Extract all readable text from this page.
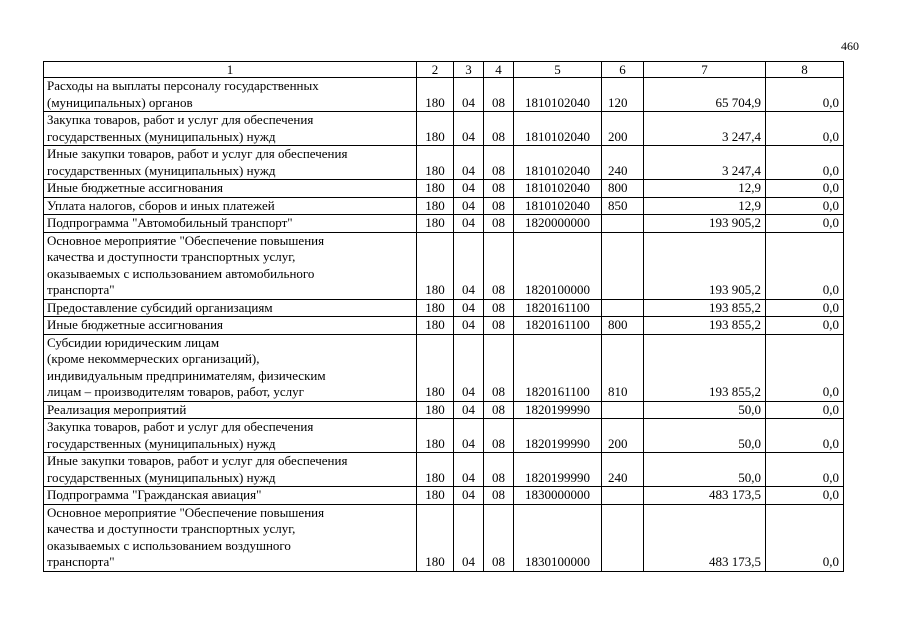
460
1	2	3	4	5	6	7	8

Расходы на выплаты персоналу государственных
(муниципальных) органов	180	04	08	1810102040	120	65 704,9	0,0

Закупка товаров, работ и услуг для обеспечения
государственных (муниципальных) нужд	180	04	08	1810102040	200	3 247,4	0,0

Иные закупки товаров, работ и услуг для обеспечения
государственных (муниципальных) нужд	180	04	08	1810102040	240	3 247,4	0,0

Иные бюджетные ассигнования	180	04	08	1810102040	800	12,9	0,0

Уплата налогов, сборов и иных платежей	180	04	08	1810102040	850	12,9	0,0

Подпрограмма "Автомобильный транспорт"	180	04	08	1820000000		193 905,2	0,0

Основное мероприятие "Обеспечение повышения
качества и доступности транспортных услуг,
оказываемых с использованием автомобильного
транспорта"	180	04	08	1820100000		193 905,2	0,0

Предоставление субсидий организациям	180	04	08	1820161100		193 855,2	0,0

Иные бюджетные ассигнования	180	04	08	1820161100	800	193 855,2	0,0

Субсидии юридическим лицам
(кроме некоммерческих организаций),
индивидуальным предпринимателям, физическим
лицам – производителям товаров, работ, услуг	180	04	08	1820161100	810	193 855,2	0,0

Реализация мероприятий	180	04	08	1820199990		50,0	0,0

Закупка товаров, работ и услуг для обеспечения
государственных (муниципальных) нужд	180	04	08	1820199990	200	50,0	0,0

Иные закупки товаров, работ и услуг для обеспечения
государственных (муниципальных) нужд	180	04	08	1820199990	240	50,0	0,0

Подпрограмма "Гражданская авиация"	180	04	08	1830000000		483 173,5	0,0

Основное мероприятие "Обеспечение повышения
качества и доступности транспортных услуг,
оказываемых с использованием воздушного
транспорта"	180	04	08	1830100000		483 173,5	0,0
